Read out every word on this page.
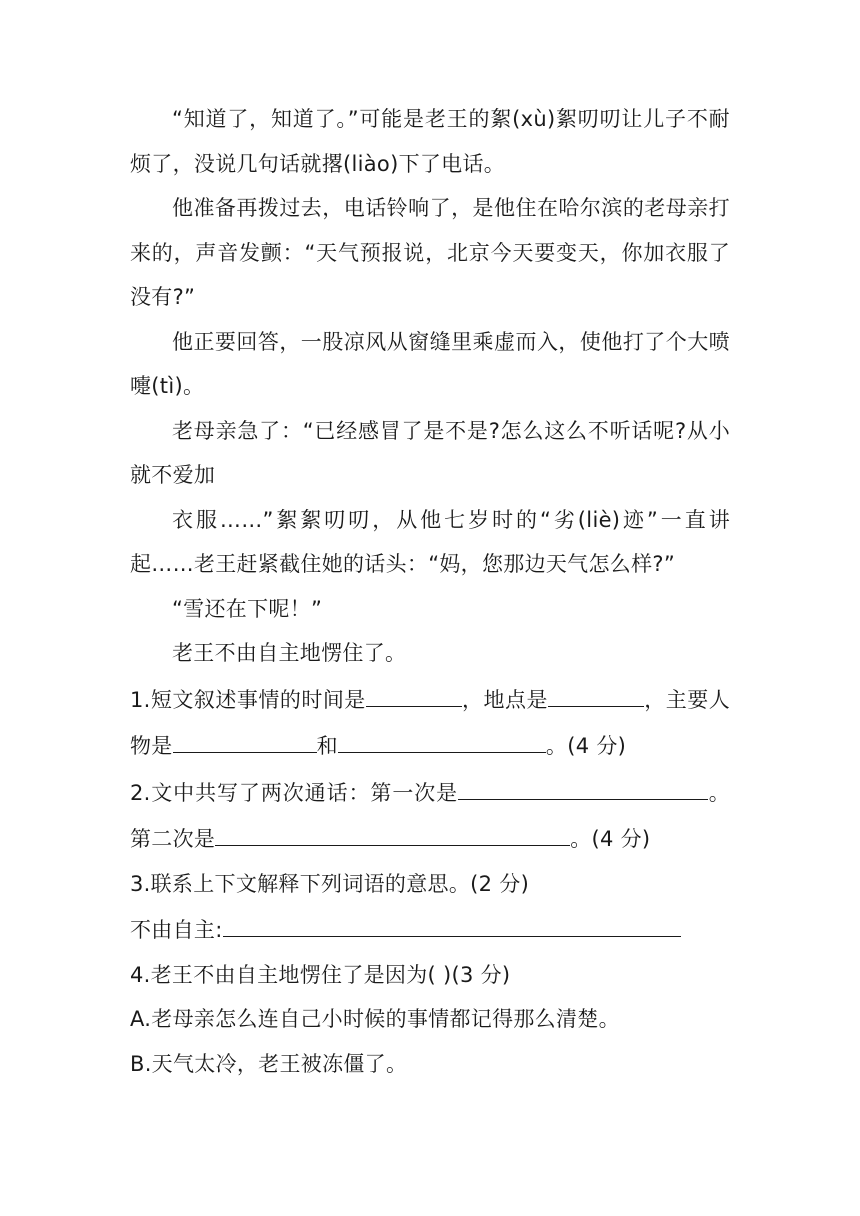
“知道了，知道了。”可能是老王的絮(xù)絮叨叨让儿子不耐烦了，没说几句话就撂(liào)下了电话。

他准备再拨过去，电话铃响了，是他住在哈尔滨的老母亲打来的，声音发颤：“天气预报说，北京今天要变天，你加衣服了没有?”

他正要回答，一股凉风从窗缝里乘虚而入，使他打了个大喷嚏(tì)。

老母亲急了：“已经感冒了是不是?怎么这么不听话呢?从小就不爱加

衣服……”絮絮叨叨，从他七岁时的“劣(liè)迹”一直讲起……老王赶紧截住她的话头：“妈，您那边天气怎么样?”

“雪还在下呢！”

老王不由自主地愣住了。

1.短文叙述事情的时间是	，地点是	，主要人物是	和	。(4 分)

2.文中共写了两次通话：第一次是	。第二次是	。(4 分)

3.联系上下文解释下列词语的意思。(2 分)

不由自主:

4.老王不由自主地愣住了是因为( )(3 分)

A.老母亲怎么连自己小时候的事情都记得那么清楚。

B.天气太冷，老王被冻僵了。
